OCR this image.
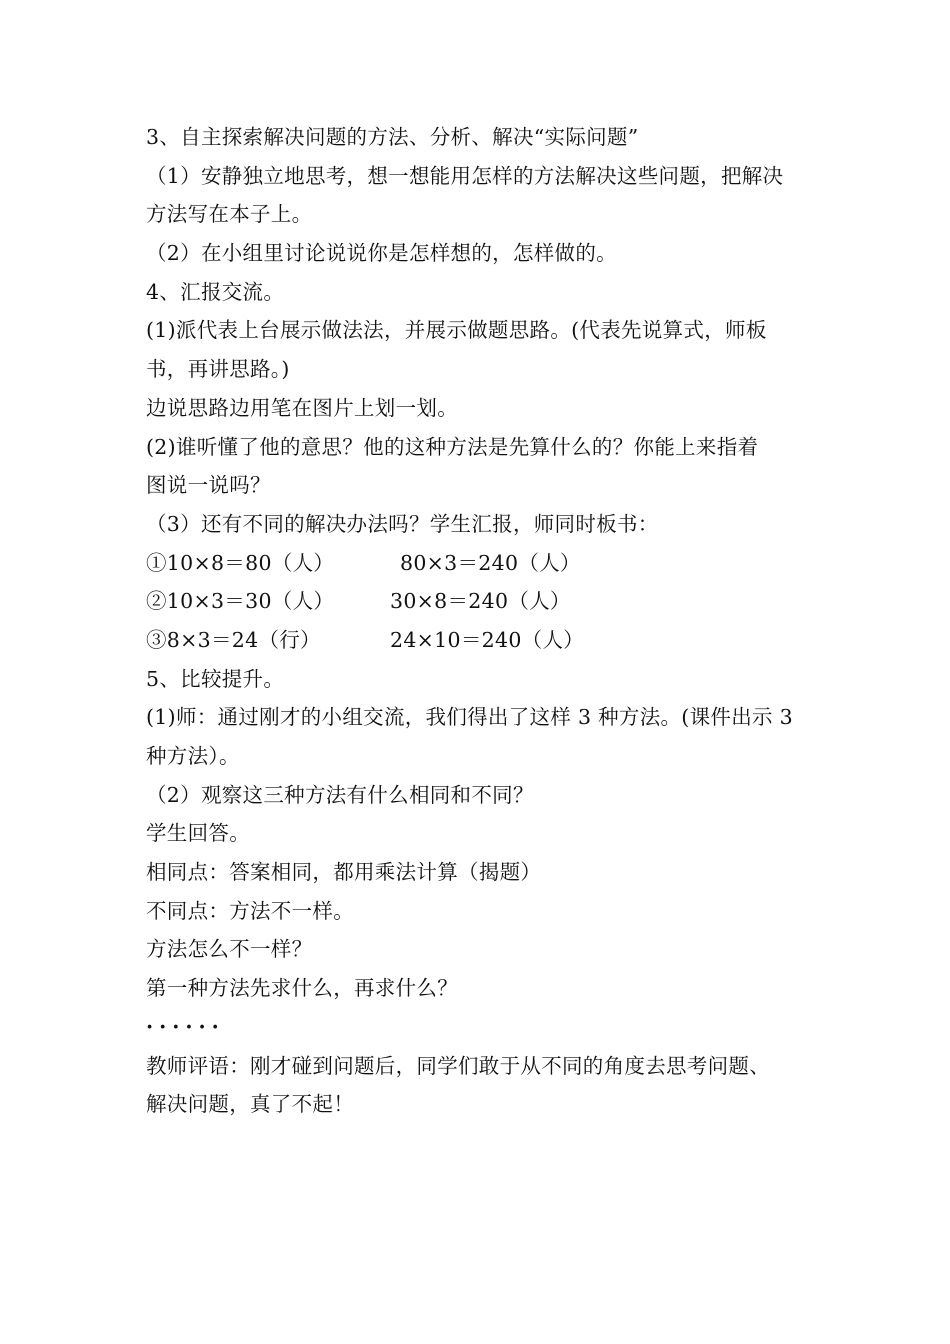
3、自主探索解决问题的方法、分析、解决“实际问题”
（1）安静独立地思考，想一想能用怎样的方法解决这些问题，把解决
方法写在本子上。
（2）在小组里讨论说说你是怎样想的，怎样做的。
4、汇报交流。
(1)派代表上台展示做法法，并展示做题思路。(代表先说算式，师板
书，再讲思路。)
边说思路边用笔在图片上划一划。
(2)谁听懂了他的意思？他的这种方法是先算什么的？你能上来指着
图说一说吗？
（3）还有不同的解决办法吗？学生汇报，师同时板书：
①10×8＝80（人）	80×3＝240（人）
②10×3＝30（人）	30×8＝240（人）
③8×3＝24（行）	24×10＝240（人）
5、比较提升。
(1)师：通过刚才的小组交流，我们得出了这样 3 种方法。(课件出示 3
种方法）。
（2）观察这三种方法有什么相同和不同？
学生回答。
相同点：答案相同，都用乘法计算（揭题）
不同点：方法不一样。
方法怎么不一样？
第一种方法先求什么，再求什么？
······
教师评语：刚才碰到问题后，同学们敢于从不同的角度去思考问题、
解决问题，真了不起！
